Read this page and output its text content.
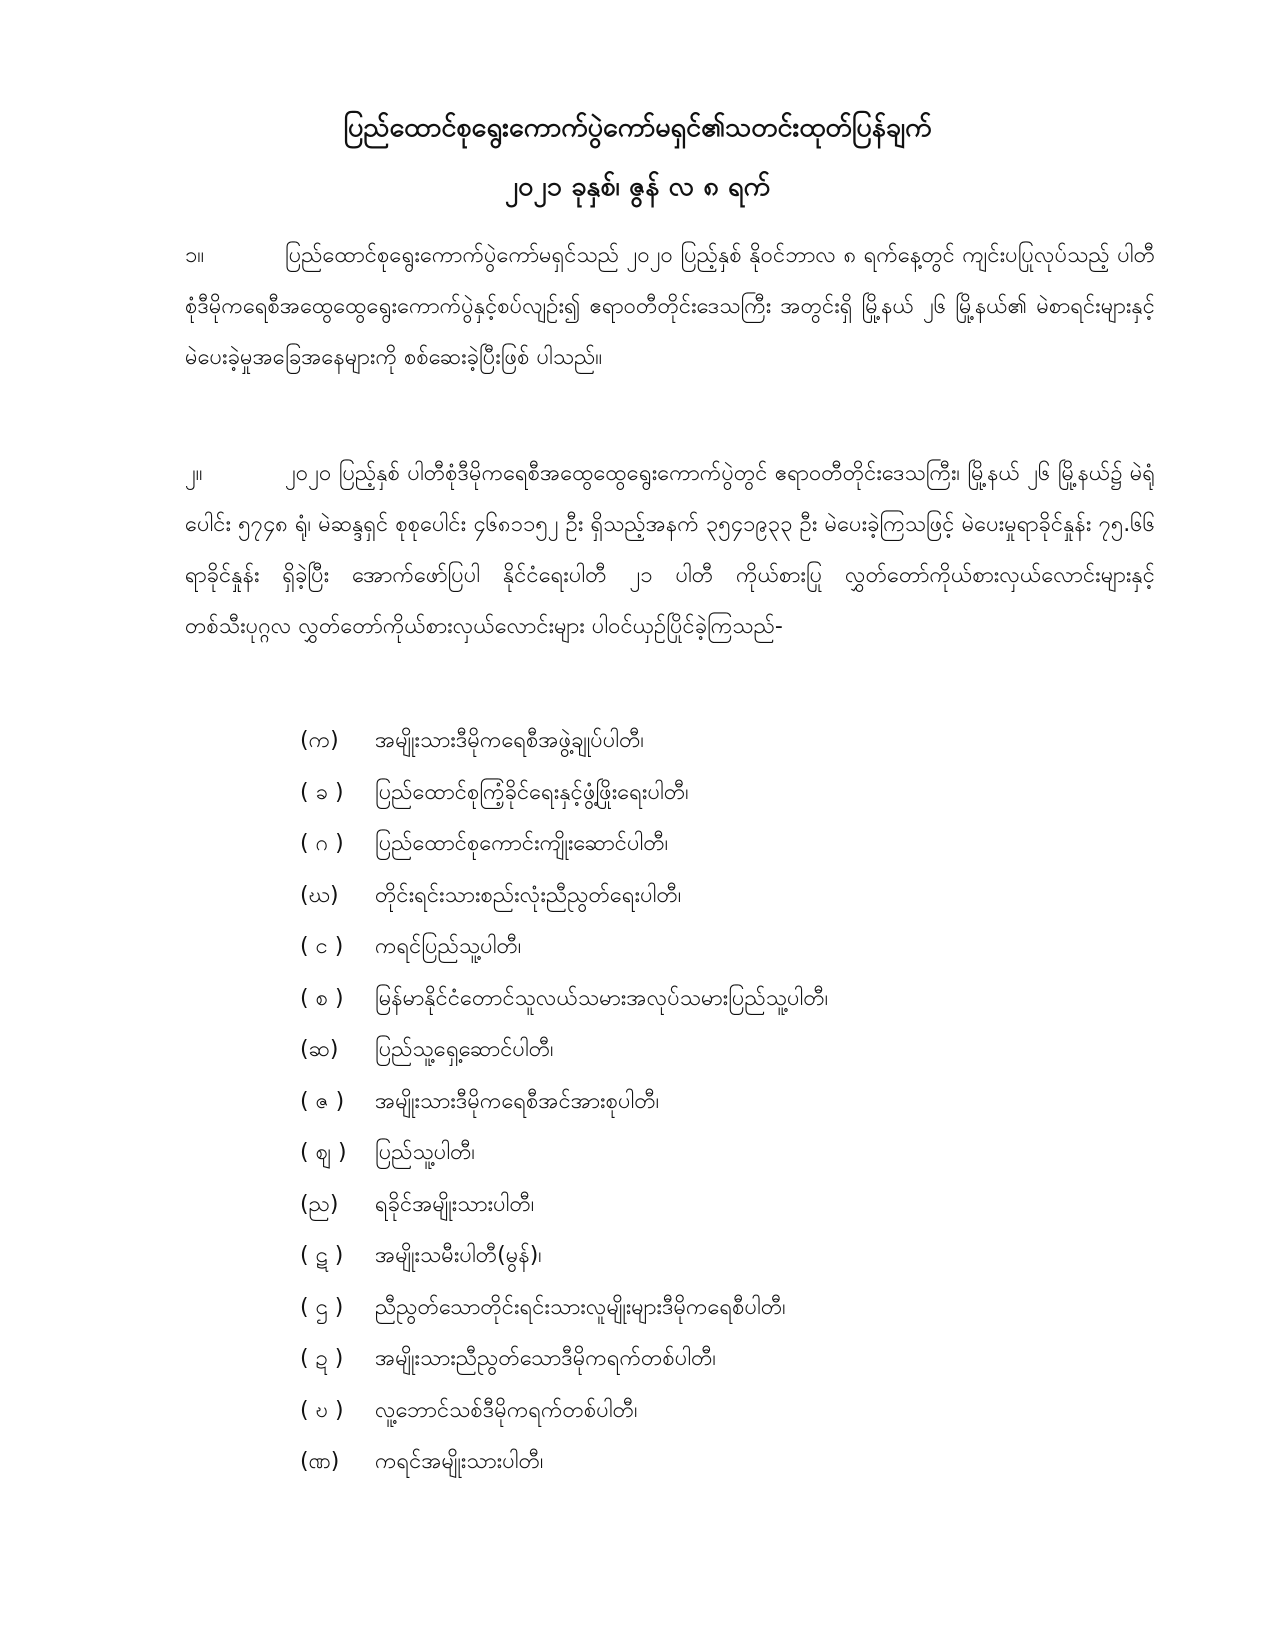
ပြည်ထောင်စုရွေးကောက်ပွဲကော်မရှင်၏သတင်းထုတ်ပြန်ချက်
၂၀၂၁ ခုနှစ်၊ ဇွန် လ ၈ ရက်

၁။	ပြည်ထောင်စုရွေးကောက်ပွဲကော်မရှင်သည် ၂၀၂၀ ပြည့်နှစ် နိုဝင်ဘာလ ၈ ရက်နေ့တွင် ကျင်းပပြုလုပ်သည့် ပါတီစုံဒီမိုကရေစီအထွေထွေရွေးကောက်ပွဲနှင့်စပ်လျဉ်း၍ ဧရာဝတီတိုင်းဒေသကြီး အတွင်းရှိ မြို့နယ် ၂၆ မြို့နယ်၏ မဲစာရင်းများနှင့် မဲပေးခဲ့မှုအခြေအနေများကို စစ်ဆေးခဲ့ပြီးဖြစ် ပါသည်။

၂။	၂၀၂၀ ပြည့်နှစ် ပါတီစုံဒီမိုကရေစီအထွေထွေရွေးကောက်ပွဲတွင် ဧရာဝတီတိုင်းဒေသကြီး၊ မြို့နယ် ၂၆ မြို့နယ်၌ မဲရုံပေါင်း ၅၇၄၈ ရုံ၊ မဲဆန္ဒရှင် စုစုပေါင်း ၄၆၈၁၁၅၂ ဦး ရှိသည့်အနက် ၃၅၄၁၉၃၃ ဦး မဲပေးခဲ့ကြသဖြင့် မဲပေးမှုရာခိုင်နှုန်း ၇၅.၆၆ ရာခိုင်နှုန်း ရှိခဲ့ပြီး အောက်ဖော်ပြပါ နိုင်ငံရေးပါတီ ၂၁ ပါတီ ကိုယ်စားပြု လွှတ်တော်ကိုယ်စားလှယ်လောင်းများနှင့် တစ်သီးပုဂ္ဂလ လွှတ်တော်ကိုယ်စားလှယ်လောင်းများ ပါဝင်ယှဉ်ပြိုင်ခဲ့ကြသည်-

(က) အမျိုးသားဒီမိုကရေစီအဖွဲ့ချုပ်ပါတီ၊
( ခ ) ပြည်ထောင်စုကြံ့ခိုင်ရေးနှင့်ဖွံ့ဖြိုးရေးပါတီ၊
( ဂ ) ပြည်ထောင်စုကောင်းကျိုးဆောင်ပါတီ၊
(ဃ) တိုင်းရင်းသားစည်းလုံးညီညွတ်ရေးပါတီ၊
( င ) ကရင်ပြည်သူ့ပါတီ၊
( စ ) မြန်မာနိုင်ငံတောင်သူလယ်သမားအလုပ်သမားပြည်သူ့ပါတီ၊
(ဆ) ပြည်သူ့ရှေ့ဆောင်ပါတီ၊
( ဇ ) အမျိုးသားဒီမိုကရေစီအင်အားစုပါတီ၊
( ဈ ) ပြည်သူ့ပါတီ၊
(ည) ရခိုင်အမျိုးသားပါတီ၊
( ဋ ) အမျိုးသမီးပါတီ(မွန်)၊
( ဌ ) ညီညွတ်သောတိုင်းရင်းသားလူမျိုးများဒီမိုကရေစီပါတီ၊
( ဍ ) အမျိုးသားညီညွတ်သောဒီမိုကရက်တစ်ပါတီ၊
( ဎ ) လူ့ဘောင်သစ်ဒီမိုကရက်တစ်ပါတီ၊
(ဏ) ကရင်အမျိုးသားပါတီ၊
